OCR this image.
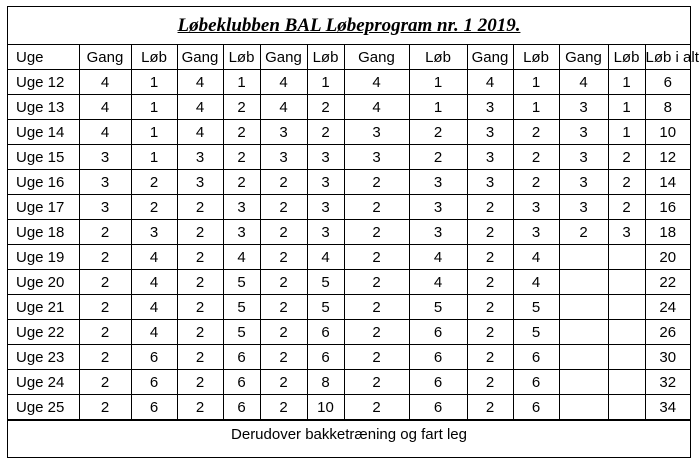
Løbeklubben BAL Løbeprogram nr. 1 2019.
Uge	Gang	Løb	Gang	Løb	Gang	Løb	Gang	Løb	Gang	Løb	Gang	Løb	Løb i alt
Uge 12	4	1	4	1	4	1	4	1	4	1	4	1	6
Uge 13	4	1	4	2	4	2	4	1	3	1	3	1	8
Uge 14	4	1	4	2	3	2	3	2	3	2	3	1	10
Uge 15	3	1	3	2	3	3	3	2	3	2	3	2	12
Uge 16	3	2	3	2	2	3	2	3	3	2	3	2	14
Uge 17	3	2	2	3	2	3	2	3	2	3	3	2	16
Uge 18	2	3	2	3	2	3	2	3	2	3	2	3	18
Uge 19	2	4	2	4	2	4	2	4	2	4			20
Uge 20	2	4	2	5	2	5	2	4	2	4			22
Uge 21	2	4	2	5	2	5	2	5	2	5			24
Uge 22	2	4	2	5	2	6	2	6	2	5			26
Uge 23	2	6	2	6	2	6	2	6	2	6			30
Uge 24	2	6	2	6	2	8	2	6	2	6			32
Uge 25	2	6	2	6	2	10	2	6	2	6			34
Derudover bakketræning og fart leg
